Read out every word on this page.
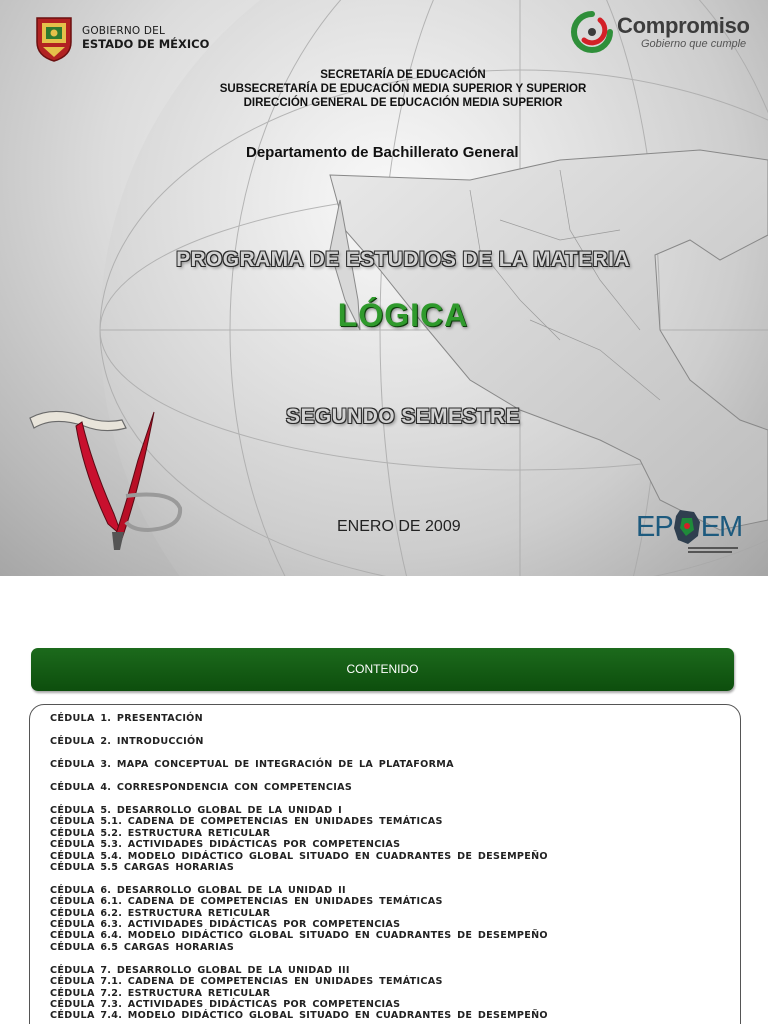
GOBIERNO DEL
ESTADO DE MÉXICO
Compromiso
Gobierno que cumple
SECRETARÍA DE EDUCACIÓN
SUBSECRETARÍA DE EDUCACIÓN MEDIA SUPERIOR Y SUPERIOR
DIRECCIÓN GENERAL DE EDUCACIÓN MEDIA SUPERIOR
Departamento de Bachillerato General
PROGRAMA DE ESTUDIOS DE LA MATERIA
LÓGICA
SEGUNDO SEMESTRE
ENERO DE 2009	EP EM
CONTENIDO
CÉDULA 1. PRESENTACIÓN
CÉDULA 2. INTRODUCCIÓN
CÉDULA 3. MAPA CONCEPTUAL DE INTEGRACIÓN DE LA PLATAFORMA
CÉDULA 4. CORRESPONDENCIA CON COMPETENCIAS
CÉDULA 5. DESARROLLO GLOBAL DE LA UNIDAD I
CÉDULA 5.1. CADENA DE COMPETENCIAS EN UNIDADES TEMÁTICAS
CÉDULA 5.2. ESTRUCTURA RETICULAR
CÉDULA 5.3. ACTIVIDADES DIDÁCTICAS POR COMPETENCIAS
CÉDULA 5.4. MODELO DIDÁCTICO GLOBAL SITUADO EN CUADRANTES DE DESEMPEÑO
CÉDULA 5.5 CARGAS HORARIAS
CÉDULA 6. DESARROLLO GLOBAL DE LA UNIDAD II
CÉDULA 6.1. CADENA DE COMPETENCIAS EN UNIDADES TEMÁTICAS
CÉDULA 6.2. ESTRUCTURA RETICULAR
CÉDULA 6.3. ACTIVIDADES DIDÁCTICAS POR COMPETENCIAS
CÉDULA 6.4. MODELO DIDÁCTICO GLOBAL SITUADO EN CUADRANTES DE DESEMPEÑO
CÉDULA 6.5 CARGAS HORARIAS
CÉDULA 7. DESARROLLO GLOBAL DE LA UNIDAD III
CÉDULA 7.1. CADENA DE COMPETENCIAS EN UNIDADES TEMÁTICAS
CÉDULA 7.2. ESTRUCTURA RETICULAR
CÉDULA 7.3. ACTIVIDADES DIDÁCTICAS POR COMPETENCIAS
CÉDULA 7.4. MODELO DIDÁCTICO GLOBAL SITUADO EN CUADRANTES DE DESEMPEÑO
